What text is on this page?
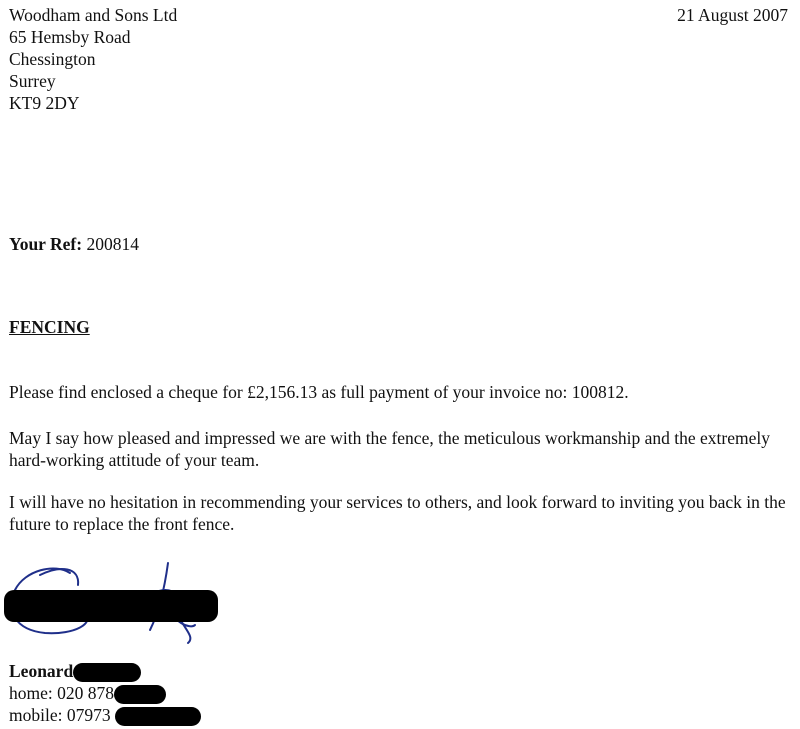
Woodham and Sons Ltd
65 Hemsby Road
Chessington
Surrey
KT9 2DY
21 August 2007
Your Ref: 200814
FENCING
Please find enclosed a cheque for £2,156.13 as full payment of your invoice no: 100812.
May I say how pleased and impressed we are with the fence, the meticulous workmanship and the extremely hard-working attitude of your team.
I will have no hesitation in recommending your services to others, and look forward to inviting you back in the future to replace the front fence.
Leonard
home: 020 878
mobile: 07973
